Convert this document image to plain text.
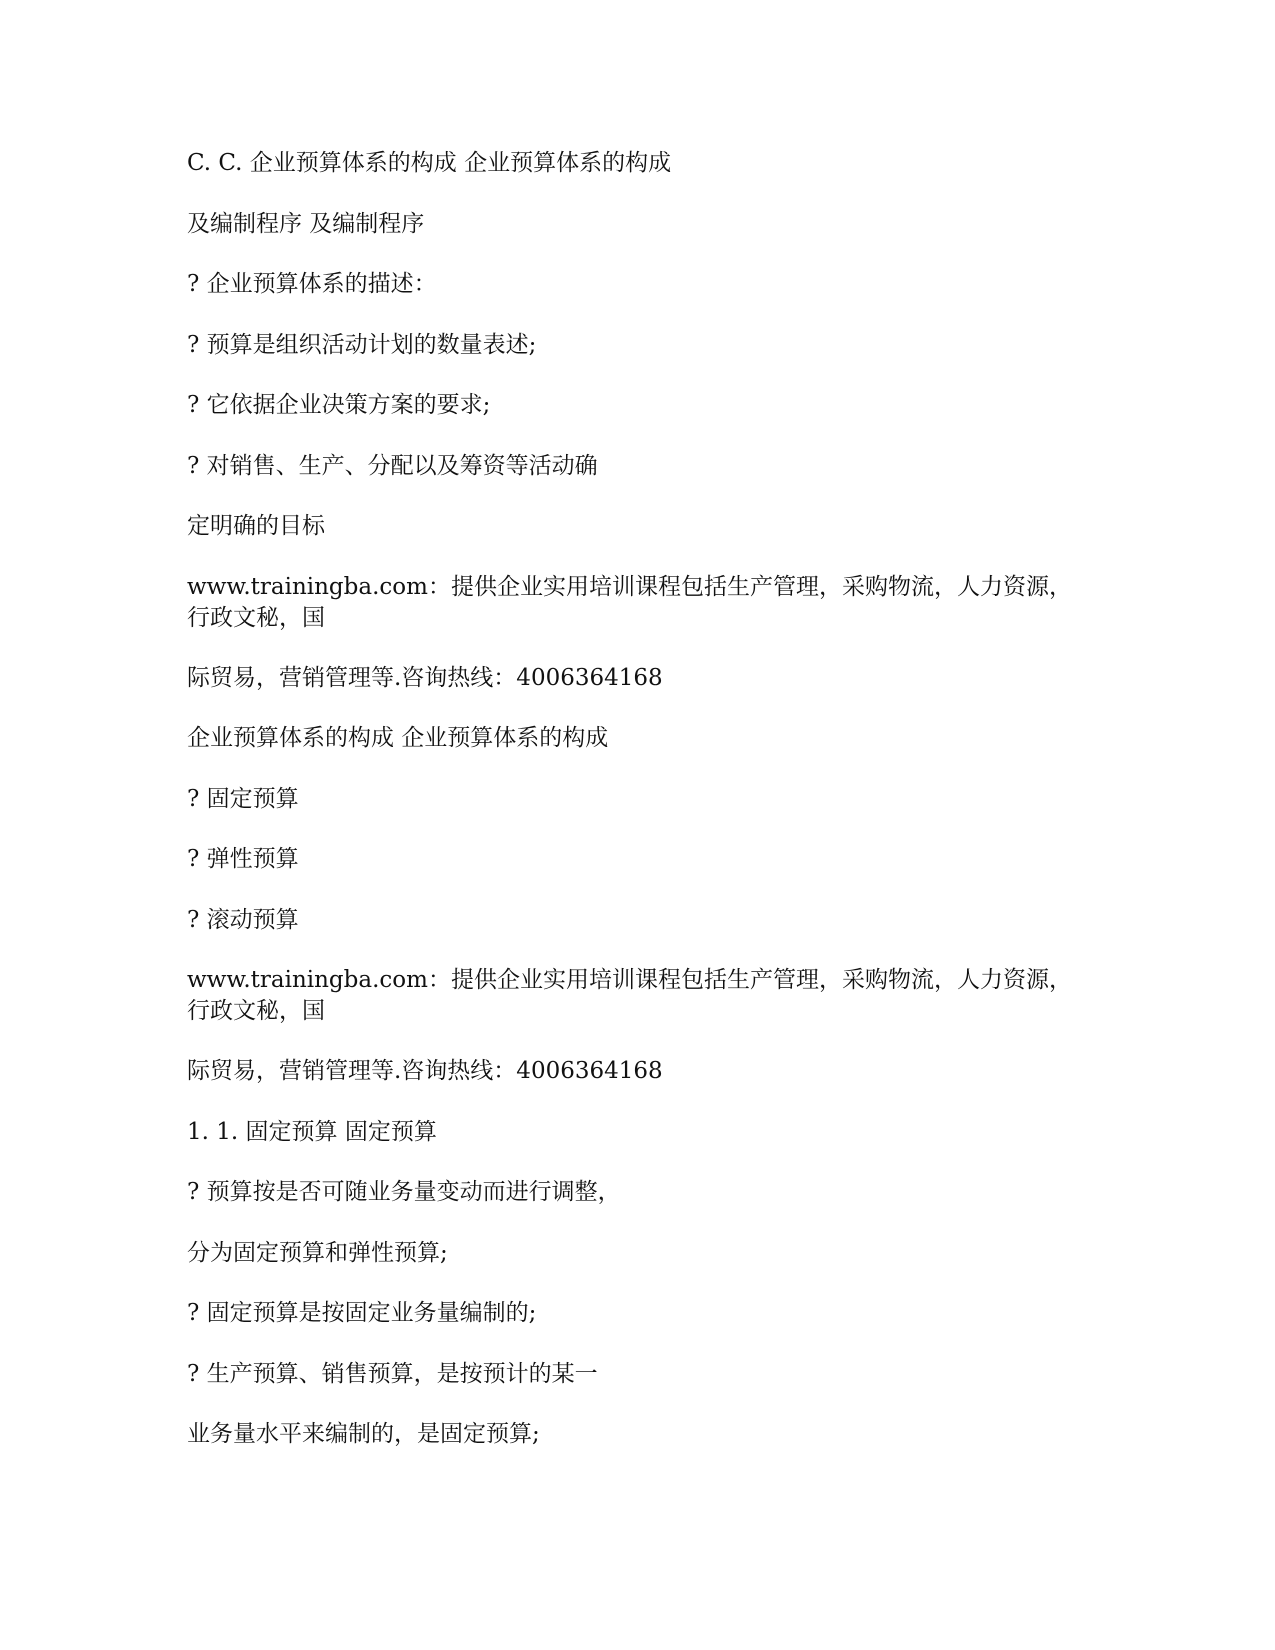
C. C. 企业预算体系的构成 企业预算体系的构成
及编制程序 及编制程序
? 企业预算体系的描述：
? 预算是组织活动计划的数量表述;
? 它依据企业决策方案的要求;
? 对销售、生产、分配以及筹资等活动确
定明确的目标
www.trainingba.com：提供企业实用培训课程包括生产管理，采购物流，人力资源，行政文秘，国
际贸易，营销管理等.咨询热线：4006364168
企业预算体系的构成 企业预算体系的构成
? 固定预算
? 弹性预算
? 滚动预算
www.trainingba.com：提供企业实用培训课程包括生产管理，采购物流，人力资源，行政文秘，国
际贸易，营销管理等.咨询热线：4006364168
1. 1. 固定预算 固定预算
? 预算按是否可随业务量变动而进行调整，
分为固定预算和弹性预算;
? 固定预算是按固定业务量编制的;
? 生产预算、销售预算，是按预计的某一
业务量水平来编制的，是固定预算;
